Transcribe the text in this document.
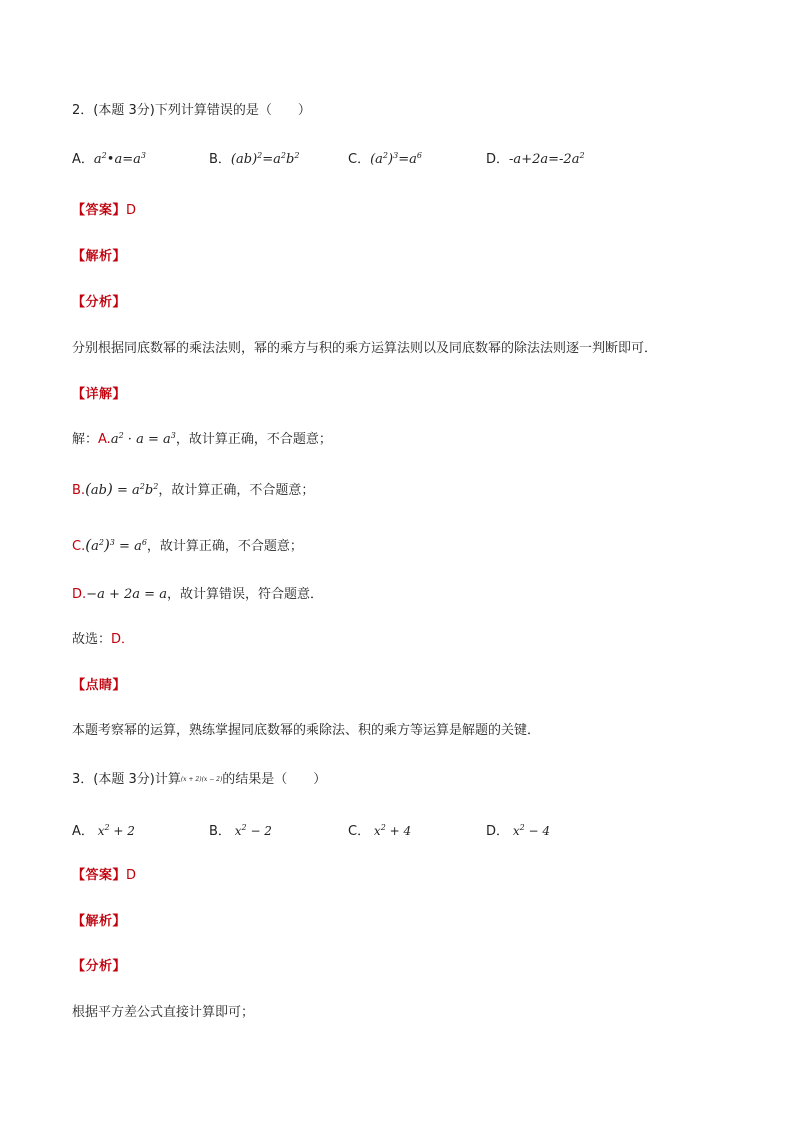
2．(本题 3分)下列计算错误的是（　　）
A．$a^2•a=a^3$	B．$(ab)^2=a^2b^2$	C．$(a^2)^3=a^6$	D．$-a+2a=-2a^2$
【答案】D
【解析】
【分析】
分别根据同底数幂的乘法法则，幂的乘方与积的乘方运算法则以及同底数幂的除法法则逐一判断即可．
【详解】
解：$A.a^2 \cdot a = a^3$，故计算正确，不合题意；
$B.(ab) = a^2b^2$，故计算正确，不合题意；
$C.(a^2)^3 = a^6$，故计算正确，不合题意；
D.−a + 2a = a，故计算错误，符合题意．
故选：D．
【点睛】
本题考察幂的运算，熟练掌握同底数幂的乘除法、积的乘方等运算是解题的关键．
3．(本题 3分)计算(x + 2)(x − 2)的结果是（　　）
A． $x^2 + 2$	B． $x^2 - 2$	C． $x^2 + 4$	D． $x^2 - 4$
【答案】D
【解析】
【分析】
根据平方差公式直接计算即可；
